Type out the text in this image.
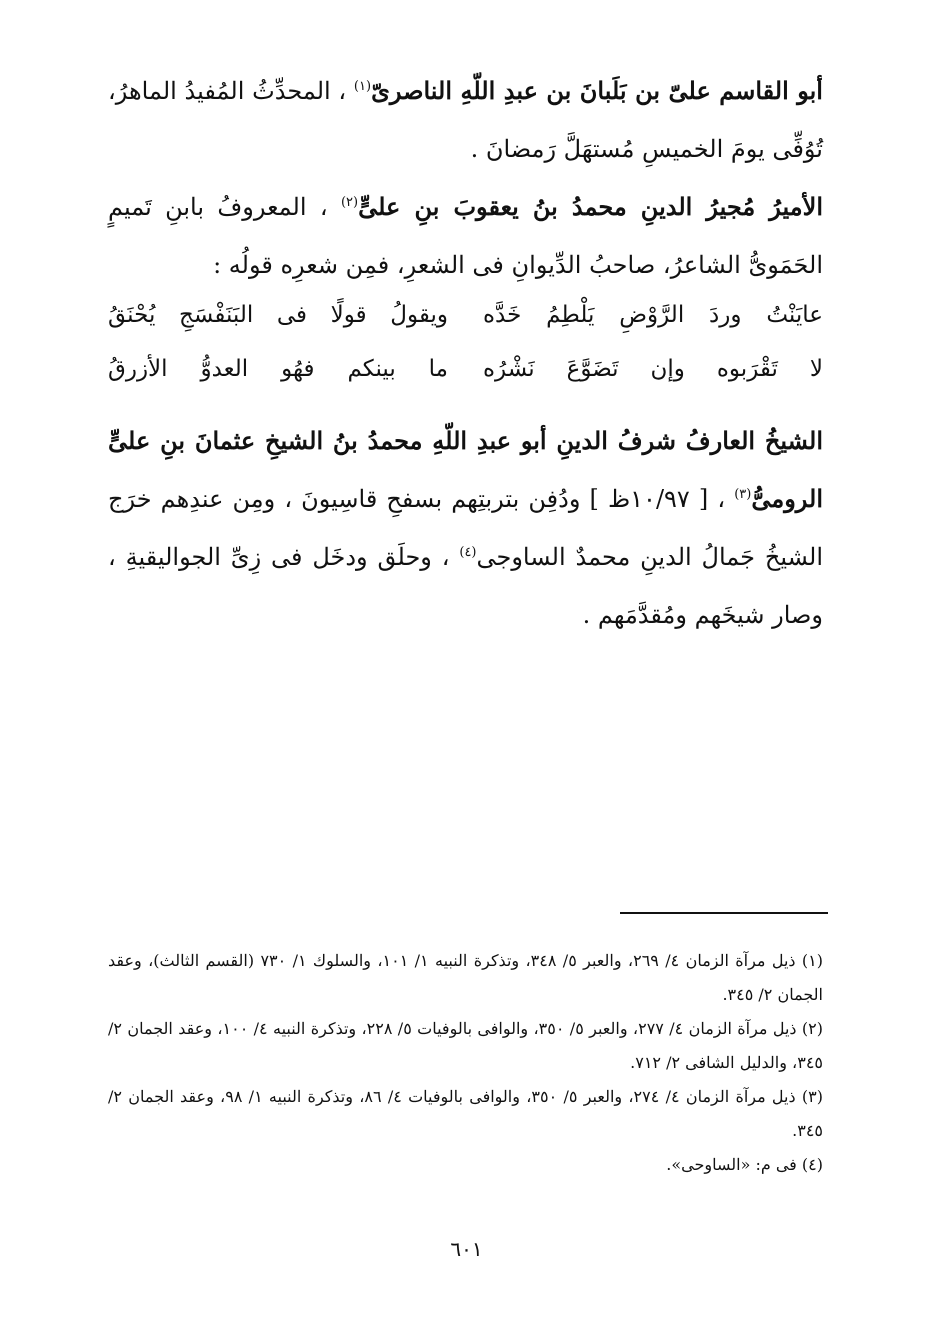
أبو القاسم علىّ بن بَلَبانَ بن عبدِ اللّهِ الناصرىّ$^{(١)}$ ، المحدِّثُ المُفيدُ الماهرُ، تُوُفِّى يومَ الخميسِ مُستهَلَّ رَمضانَ .

الأميرُ مُجيرُ الدينِ محمدُ بنُ يعقوبَ بنِ علىٍّ$^{(٢)}$ ، المعروفُ بابنِ تَميمٍ الحَمَوىُّ الشاعرُ، صاحبُ الدِّيوانِ فى الشعرِ، فمِن شعرِه قولُه :

عايَنْتُ وردَ الرَّوْضِ يَلْطِمُ خَدَّه
ويقولُ قولًا فى البَنَفْسَجِ يُحْنَقُ
لا تَقْرَبوه وإن تَضَوَّعَ نَشْرُه
ما بينكم فهُو العدوُّ الأزرقُ

الشيخُ العارفُ شرفُ الدينِ أبو عبدِ اللّهِ محمدُ بنُ الشيخِ عثمانَ بنِ علىٍّ الرومىُّ$^{(٣)}$ ، [ ١٠/٩٧ظ ] ودُفِن بتربتِهم بسفحِ قاسِيونَ ، ومِن عندِهم خرَج الشيخُ جَمالُ الدينِ محمدٌ الساوجى$^{(٤)}$ ، وحلَق ودخَل فى زِىِّ الجواليقيةِ ، وصار شيخَهم ومُقدَّمَهم .

(١) ذيل مرآة الزمان ٤/ ٢٦٩، والعبر ٥/ ٣٤٨، وتذكرة النبيه ١/ ١٠١، والسلوك ١/ ٧٣٠ (القسم الثالث)، وعقد الجمان ٢/ ٣٤٥.

(٢) ذيل مرآة الزمان ٤/ ٢٧٧، والعبر ٥/ ٣٥٠، والوافى بالوفيات ٥/ ٢٢٨، وتذكرة النبيه ٤/ ١٠٠، وعقد الجمان ٢/ ٣٤٥، والدليل الشافى ٢/ ٧١٢.

(٣) ذيل مرآة الزمان ٤/ ٢٧٤، والعبر ٥/ ٣٥٠، والوافى بالوفيات ٤/ ٨٦، وتذكرة النبيه ١/ ٩٨، وعقد الجمان ٢/ ٣٤٥.

(٤) فى م: «الساوحى».

٦٠١
